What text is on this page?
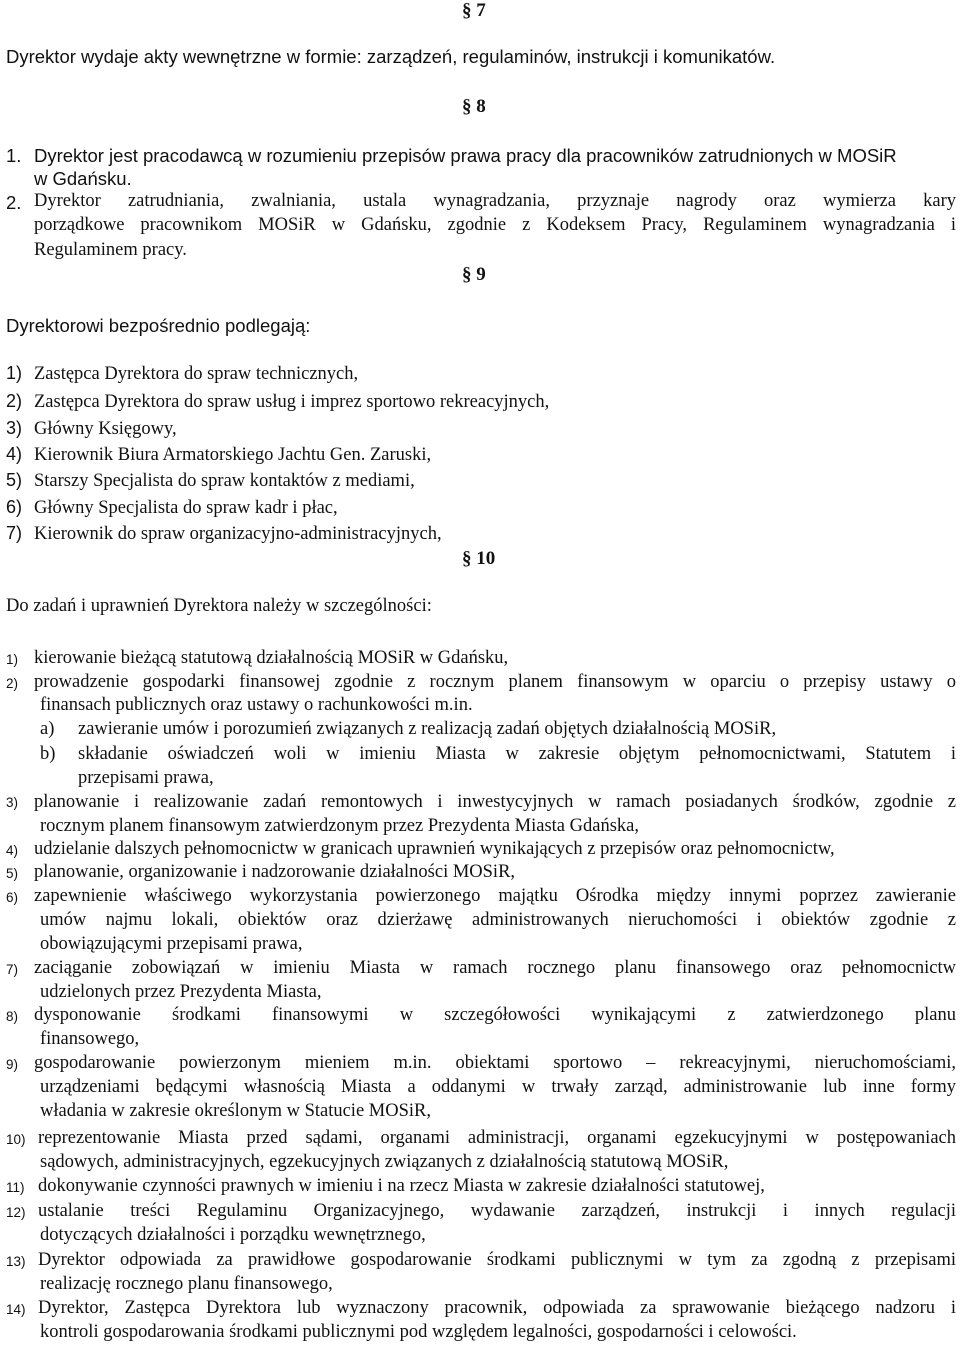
§ 7
Dyrektor wydaje akty wewnętrzne w formie: zarządzeń, regulaminów, instrukcji i komunikatów.
§ 8
1. Dyrektor jest pracodawcą w rozumieniu przepisów prawa pracy dla pracowników zatrudnionych w MOSiR
w Gdańsku.
2. Dyrektor zatrudniania, zwalniania, ustala wynagradzania, przyznaje nagrody oraz wymierza kary
porządkowe pracownikom MOSiR w Gdańsku, zgodnie z Kodeksem Pracy, Regulaminem wynagradzania i
Regulaminem pracy.
§ 9
Dyrektorowi bezpośrednio podlegają:
1) Zastępca Dyrektora do spraw technicznych,
2) Zastępca Dyrektora do spraw usług i imprez sportowo rekreacyjnych,
3) Główny Księgowy,
4) Kierownik Biura Armatorskiego Jachtu Gen. Zaruski,
5) Starszy Specjalista do spraw kontaktów z mediami,
6) Główny Specjalista do spraw kadr i płac,
7) Kierownik do spraw organizacyjno-administracyjnych,
§ 10
Do zadań i uprawnień Dyrektora należy w szczególności:
1) kierowanie bieżącą statutową działalnością MOSiR w Gdańsku,
2) prowadzenie gospodarki finansowej zgodnie z rocznym planem finansowym w oparciu o przepisy ustawy o
finansach publicznych oraz ustawy o rachunkowości m.in.
a) zawieranie umów i porozumień związanych z realizacją zadań objętych działalnością MOSiR,
b) składanie oświadczeń woli w imieniu Miasta w zakresie objętym pełnomocnictwami, Statutem i
przepisami prawa,
3) planowanie i realizowanie zadań remontowych i inwestycyjnych w ramach posiadanych środków, zgodnie z
rocznym planem finansowym zatwierdzonym przez Prezydenta Miasta Gdańska,
4) udzielanie dalszych pełnomocnictw w granicach uprawnień wynikających z przepisów oraz pełnomocnictw,
5) planowanie, organizowanie i nadzorowanie działalności MOSiR,
6) zapewnienie właściwego wykorzystania powierzonego majątku Ośrodka między innymi poprzez zawieranie
umów najmu lokali, obiektów oraz dzierżawę administrowanych nieruchomości i obiektów zgodnie z
obowiązującymi przepisami prawa,
7) zaciąganie zobowiązań w imieniu Miasta w ramach rocznego planu finansowego oraz pełnomocnictw
udzielonych przez Prezydenta Miasta,
8) dysponowanie środkami finansowymi w szczegółowości wynikającymi z zatwierdzonego planu
finansowego,
9) gospodarowanie powierzonym mieniem m.in. obiektami sportowo – rekreacyjnymi, nieruchomościami,
urządzeniami będącymi własnością Miasta a oddanymi w trwały zarząd, administrowanie lub inne formy
władania w zakresie określonym w Statucie MOSiR,
10) reprezentowanie Miasta przed sądami, organami administracji, organami egzekucyjnymi w postępowaniach
sądowych, administracyjnych, egzekucyjnych związanych z działalnością statutową MOSiR,
11) dokonywanie czynności prawnych w imieniu i na rzecz Miasta w zakresie działalności statutowej,
12) ustalanie treści Regulaminu Organizacyjnego, wydawanie zarządzeń, instrukcji i innych regulacji
dotyczących działalności i porządku wewnętrznego,
13) Dyrektor odpowiada za prawidłowe gospodarowanie środkami publicznymi w tym za zgodną z przepisami
realizację rocznego planu finansowego,
14) Dyrektor, Zastępca Dyrektora lub wyznaczony pracownik, odpowiada za sprawowanie bieżącego nadzoru i
kontroli gospodarowania środkami publicznymi pod względem legalności, gospodarności i celowości.
